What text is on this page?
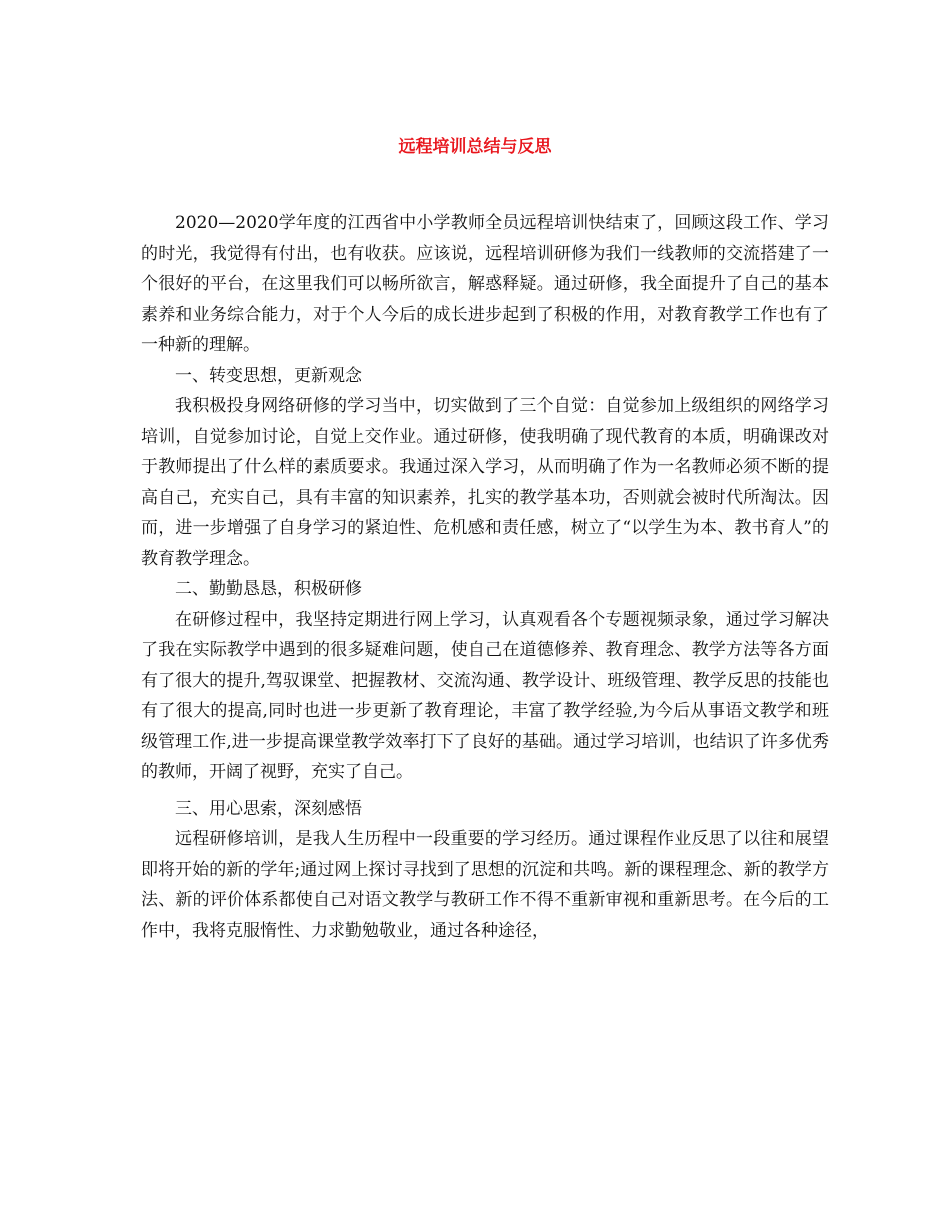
远程培训总结与反思

2020—2020学年度的江西省中小学教师全员远程培训快结束了，回顾这段工作、学习的时光，我觉得有付出，也有收获。应该说，远程培训研修为我们一线教师的交流搭建了一个很好的平台，在这里我们可以畅所欲言，解惑释疑。通过研修，我全面提升了自己的基本素养和业务综合能力，对于个人今后的成长进步起到了积极的作用，对教育教学工作也有了一种新的理解。

一、转变思想，更新观念

我积极投身网络研修的学习当中，切实做到了三个自觉：自觉参加上级组织的网络学习培训，自觉参加讨论，自觉上交作业。通过研修，使我明确了现代教育的本质，明确课改对于教师提出了什么样的素质要求。我通过深入学习，从而明确了作为一名教师必须不断的提高自己，充实自己，具有丰富的知识素养，扎实的教学基本功，否则就会被时代所淘汰。因而，进一步增强了自身学习的紧迫性、危机感和责任感，树立了“以学生为本、教书育人”的教育教学理念。

二、勤勤恳恳，积极研修

在研修过程中，我坚持定期进行网上学习，认真观看各个专题视频录象，通过学习解决了我在实际教学中遇到的很多疑难问题，使自己在道德修养、教育理念、教学方法等各方面有了很大的提升,驾驭课堂、把握教材、交流沟通、教学设计、班级管理、教学反思的技能也有了很大的提高,同时也进一步更新了教育理论，丰富了教学经验,为今后从事语文教学和班级管理工作,进一步提高课堂教学效率打下了良好的基础。通过学习培训，也结识了许多优秀的教师，开阔了视野，充实了自己。

三、用心思索，深刻感悟

远程研修培训，是我人生历程中一段重要的学习经历。通过课程作业反思了以往和展望即将开始的新的学年;通过网上探讨寻找到了思想的沉淀和共鸣。新的课程理念、新的教学方法、新的评价体系都使自己对语文教学与教研工作不得不重新审视和重新思考。在今后的工作中，我将克服惰性、力求勤勉敬业，通过各种途径，
